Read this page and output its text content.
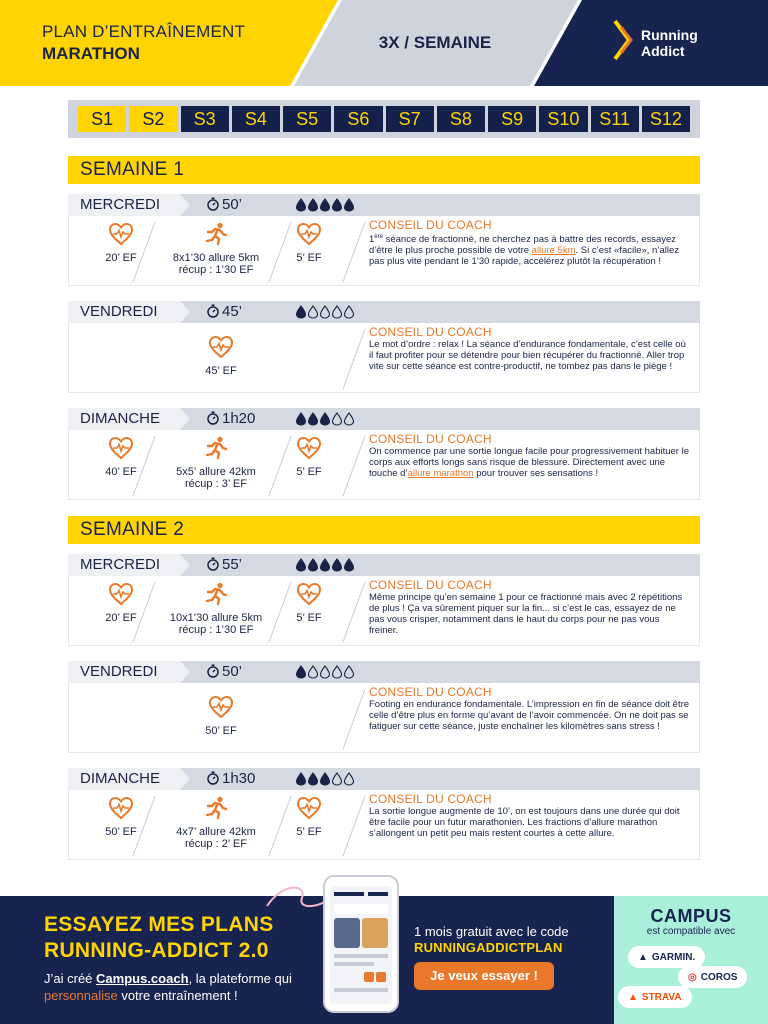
PLAN D’ENTRAÎNEMENT
MARATHON
3X / SEMAINE	Running
Addict
S1	S2	S3	S4	S5	S6	S7	S8	S9	S10	S11	S12
SEMAINE 1
MERCREDI	50’
20’ EF	8x1’30 allure 5km
récup : 1’30 EF
5’ EF
CONSEIL DU COACH
1ère séance de fractionné, ne cherchez pas à battre des records, essayez d’être le plus proche possible de votre allure 5km. Si c’est «facile», n’allez pas plus vite pendant le 1’30 rapide, accélérez plutôt la récupération !
VENDREDI	45’
45’ EF
CONSEIL DU COACH
Le mot d’ordre : relax ! La séance d’endurance fondamentale, c’est celle où il faut profiter pour se détendre pour bien récupérer du fractionné. Aller trop vite sur cette séance est contre-productif, ne tombez pas dans le piège !
DIMANCHE	1h20
40’ EF	5x5’ allure 42km
récup : 3’ EF
5’ EF
CONSEIL DU COACH
On commence par une sortie longue facile pour progressivement habituer le corps aux efforts longs sans risque de blessure. Directement avec une touche d’allure marathon pour trouver ses sensations !
SEMAINE 2
MERCREDI	55’
20’ EF	10x1’30 allure 5km
récup : 1’30 EF
5’ EF
CONSEIL DU COACH
Même principe qu’en semaine 1 pour ce fractionné mais avec 2 répétitions de plus ! Ça va sûrement piquer sur la fin... si c’est le cas, essayez de ne pas vous crisper, notamment dans le haut du corps pour ne pas vous freiner.
VENDREDI	50’
50’ EF
CONSEIL DU COACH
Footing en endurance fondamentale. L’impression en fin de séance doit être celle d’être plus en forme qu’avant de l’avoir commencée. On ne doit pas se fatiguer sur cette séance, juste enchaîner les kilomètres sans stress !
DIMANCHE	1h30
50’ EF	4x7’ allure 42km
récup : 2’ EF
5’ EF
CONSEIL DU COACH
La sortie longue augmente de 10’, on est toujours dans une durée qui doit être facile pour un futur marathonien. Les fractions d’allure marathon s’allongent un petit peu mais restent courtes à cette allure.
ESSAYEZ MES PLANS
RUNNING-ADDICT 2.0
J’ai créé Campus.coach, la plateforme qui personnalise votre entraînement !
1 mois gratuit avec le code
RUNNINGADDICTPLAN
Je veux essayer !
CAMPUS
est compatible avec
▲ GARMIN.
◎ COROS
▲ STRAVA
